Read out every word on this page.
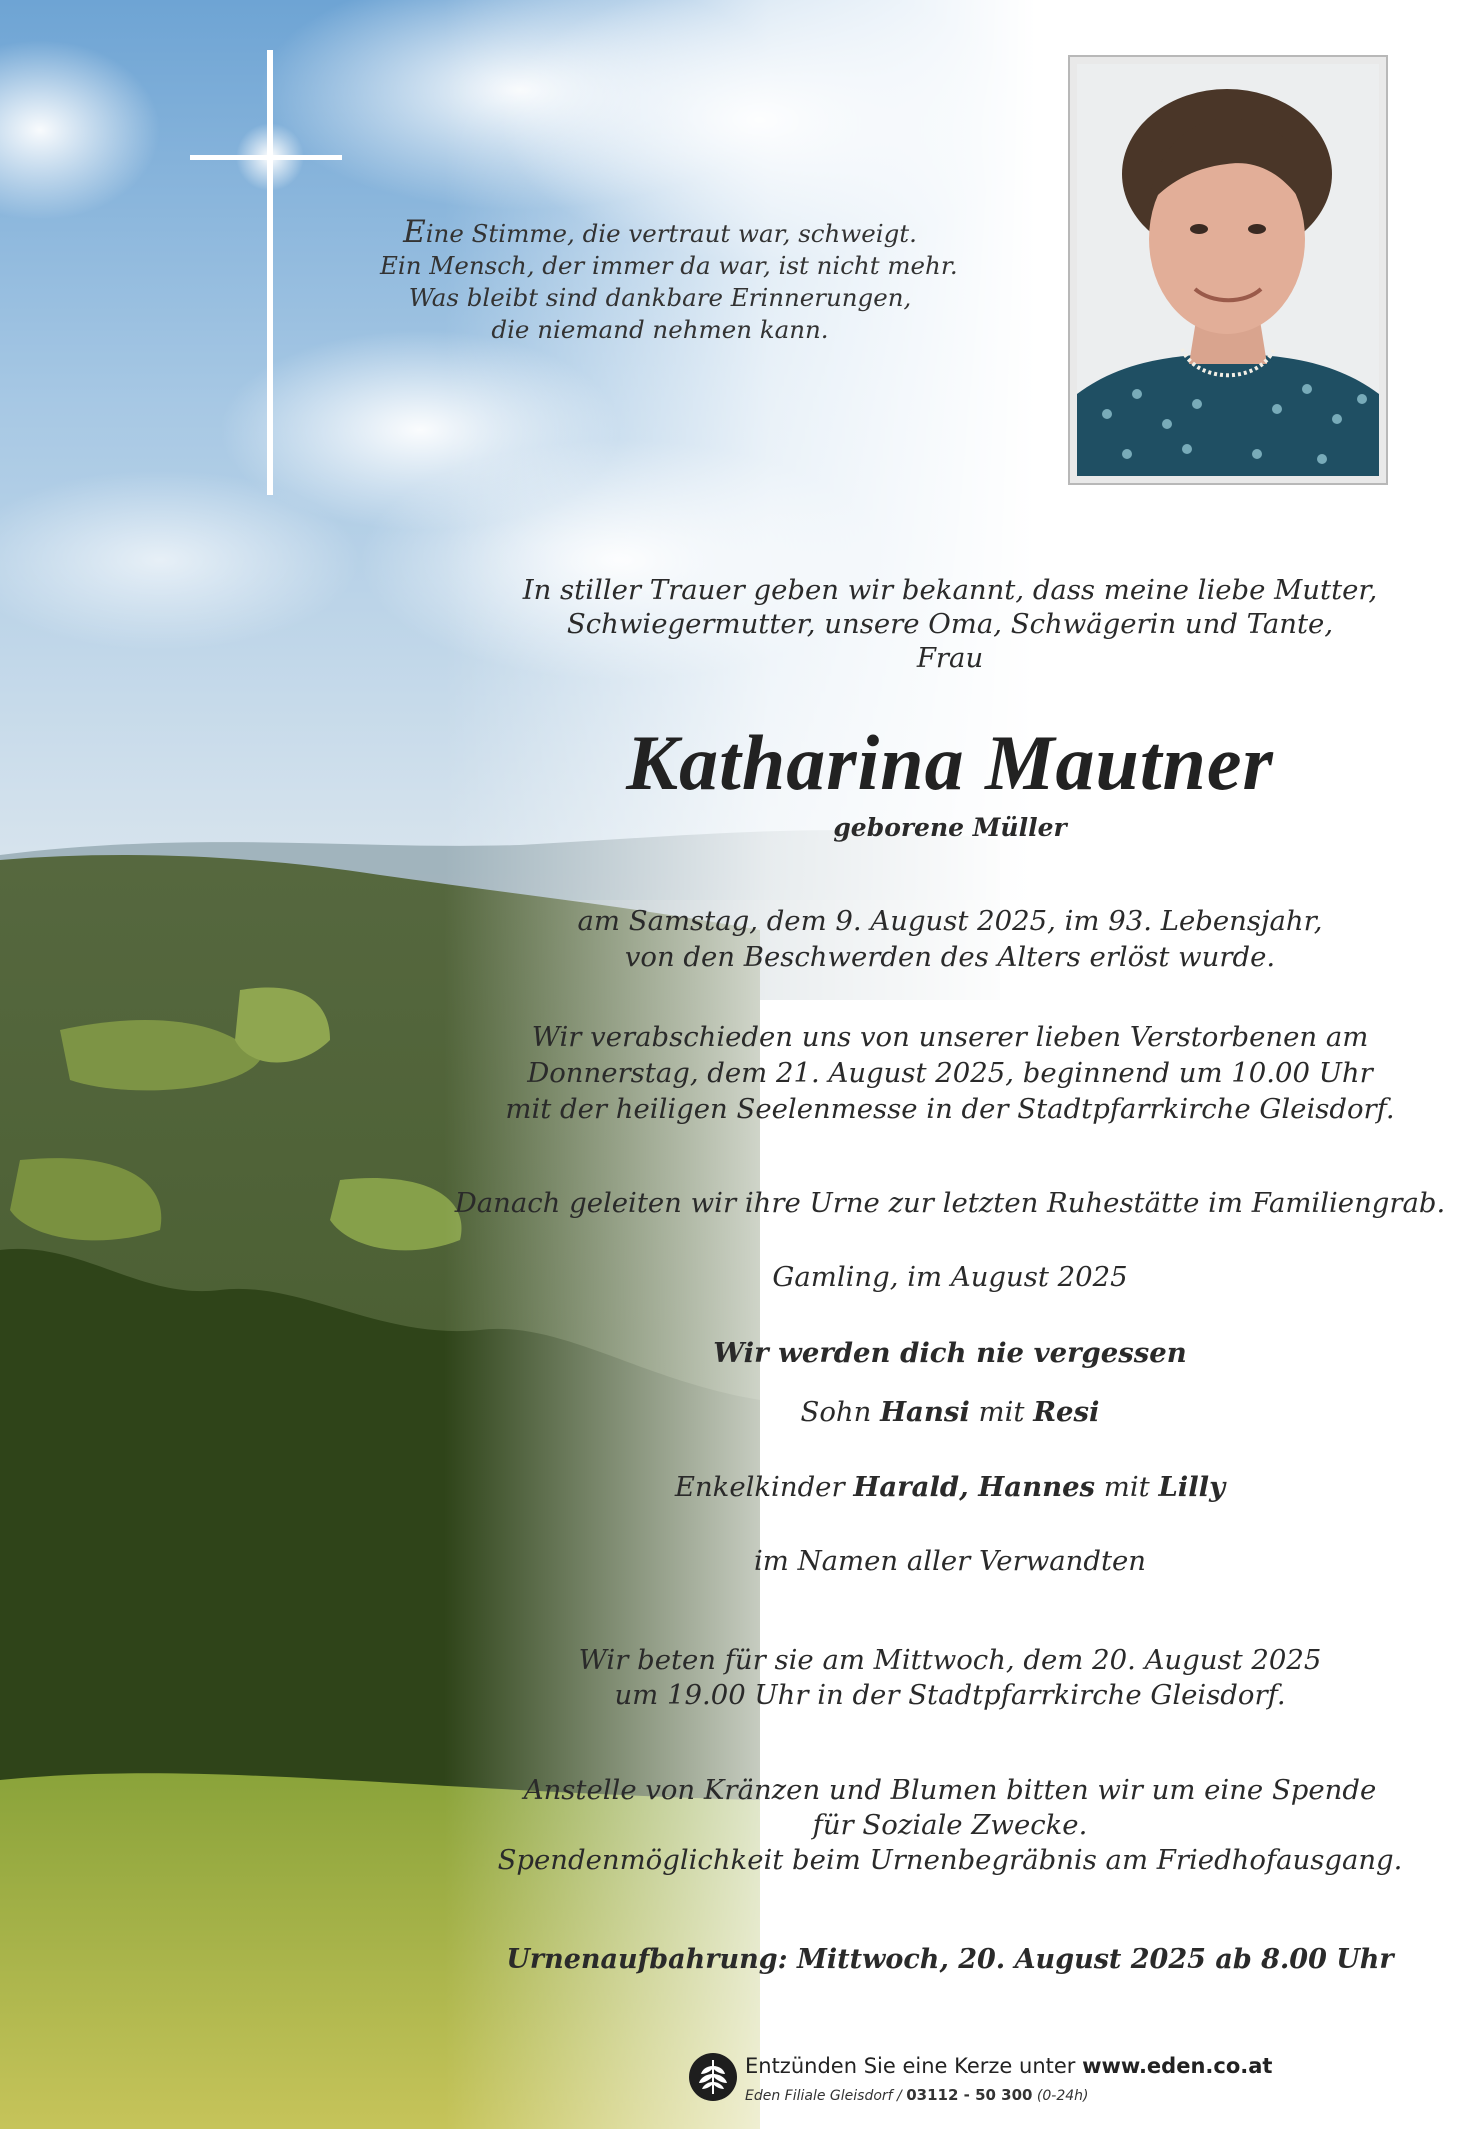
Eine Stimme, die vertraut war, schweigt.
Ein Mensch, der immer da war, ist nicht mehr.
Was bleibt sind dankbare Erinnerungen,
die niemand nehmen kann.
In stiller Trauer geben wir bekannt, dass meine liebe Mutter,
Schwiegermutter, unsere Oma, Schwägerin und Tante,
Frau
Katharina Mautner
geborene Müller
am Samstag, dem 9. August 2025, im 93. Lebensjahr,
von den Beschwerden des Alters erlöst wurde.
Wir verabschieden uns von unserer lieben Verstorbenen am
Donnerstag, dem 21. August 2025, beginnend um 10.00 Uhr
mit der heiligen Seelenmesse in der Stadtpfarrkirche Gleisdorf.
Danach geleiten wir ihre Urne zur letzten Ruhestätte im Familiengrab.
Gamling, im August 2025
Wir werden dich nie vergessen
Sohn Hansi mit Resi
Enkelkinder Harald, Hannes mit Lilly
im Namen aller Verwandten
Wir beten für sie am Mittwoch, dem 20. August 2025
um 19.00 Uhr in der Stadtpfarrkirche Gleisdorf.
Anstelle von Kränzen und Blumen bitten wir um eine Spende
für Soziale Zwecke.
Spendenmöglichkeit beim Urnenbegräbnis am Friedhofausgang.
Urnenaufbahrung: Mittwoch, 20. August 2025 ab 8.00 Uhr
Entzünden Sie eine Kerze unter www.eden.co.at
Eden Filiale Gleisdorf / 03112 - 50 300 (0-24h)
